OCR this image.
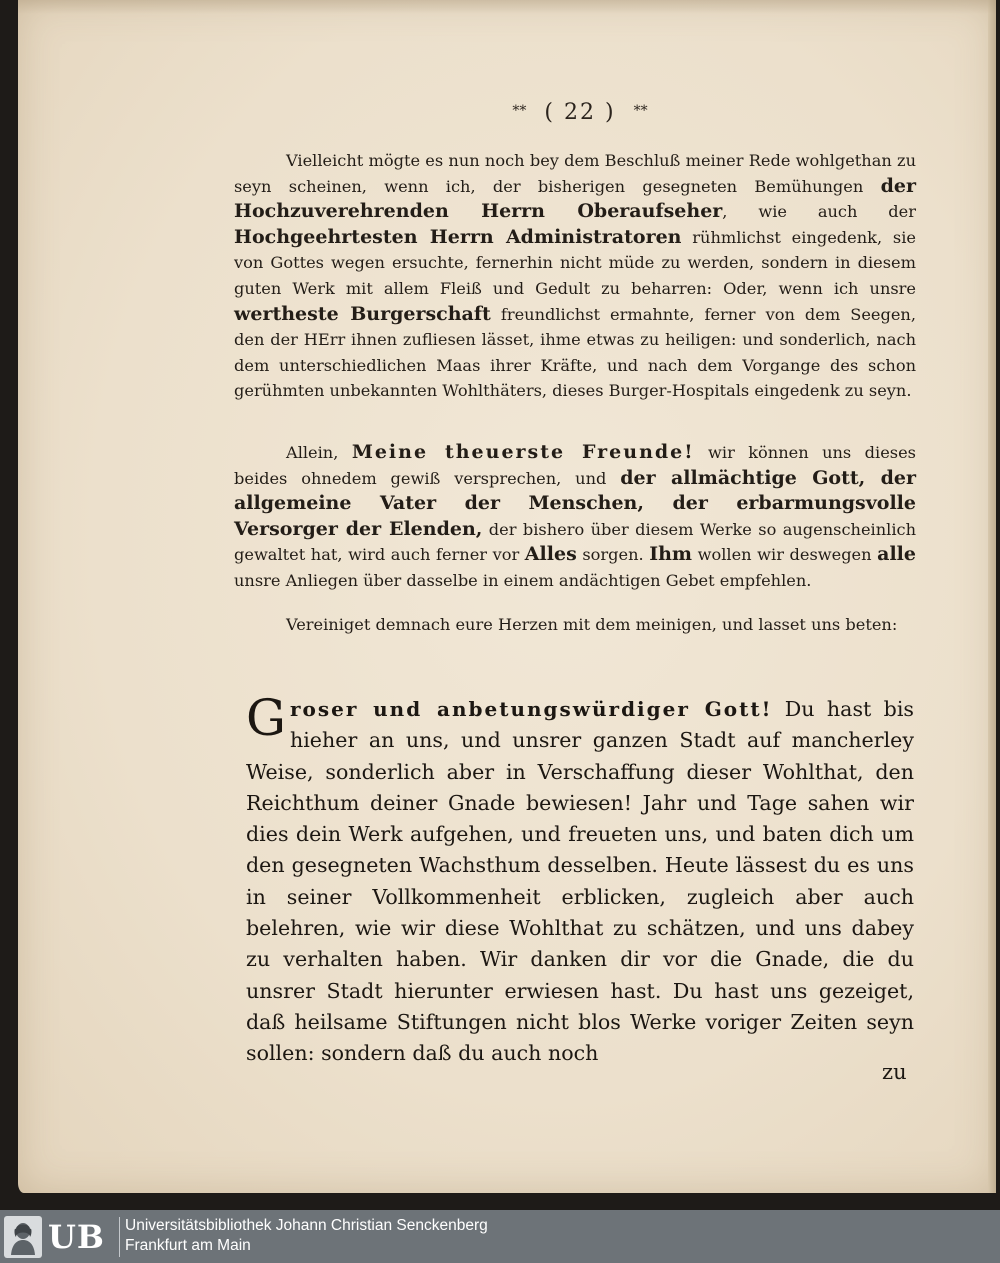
** ( 22 ) **
Vielleicht mögte es nun noch bey dem Beschluß meiner Rede wohlgethan zu seyn scheinen, wenn ich, der bisherigen gesegneten Bemühungen der Hochzuverehrenden Herrn Oberaufseher, wie auch der Hochgeehrtesten Herrn Administratoren rühmlichst eingedenk, sie von Gottes wegen ersuchte, fernerhin nicht müde zu werden, sondern in diesem guten Werk mit allem Fleiß und Gedult zu beharren: Oder, wenn ich unsre wertheste Burgerschaft freundlichst ermahnte, ferner von dem Seegen, den der HErr ihnen zufliesen lässet, ihme etwas zu heiligen: und sonderlich, nach dem unterschiedlichen Maas ihrer Kräfte, und nach dem Vorgange des schon gerühmten unbekannten Wohlthäters, dieses Burger-Hospitals eingedenk zu seyn.
Allein, Meine theuerste Freunde! wir können uns dieses beides ohnedem gewiß versprechen, und der allmächtige Gott, der allgemeine Vater der Menschen, der erbarmungsvolle Versorger der Elenden, der bishero über diesem Werke so augenscheinlich gewaltet hat, wird auch ferner vor Alles sorgen. Ihm wollen wir deswegen alle unsre Anliegen über dasselbe in einem andächtigen Gebet empfehlen.
Vereiniget demnach eure Herzen mit dem meinigen, und lasset uns beten:
Groser und anbetungswürdiger Gott! Du hast bis hieher an uns, und unsrer ganzen Stadt auf mancherley Weise, sonderlich aber in Verschaffung dieser Wohlthat, den Reichthum deiner Gnade bewiesen! Jahr und Tage sahen wir dies dein Werk aufgehen, und freueten uns, und baten dich um den gesegneten Wachsthum desselben. Heute lässest du es uns in seiner Vollkommenheit erblicken, zugleich aber auch belehren, wie wir diese Wohlthat zu schätzen, und uns dabey zu verhalten haben. Wir danken dir vor die Gnade, die du unsrer Stadt hierunter erwiesen hast. Du hast uns gezeiget, daß heilsame Stiftungen nicht blos Werke voriger Zeiten seyn sollen: sondern daß du auch noch
zu
UB Universitätsbibliothek Johann Christian Senckenberg
Frankfurt am Main
